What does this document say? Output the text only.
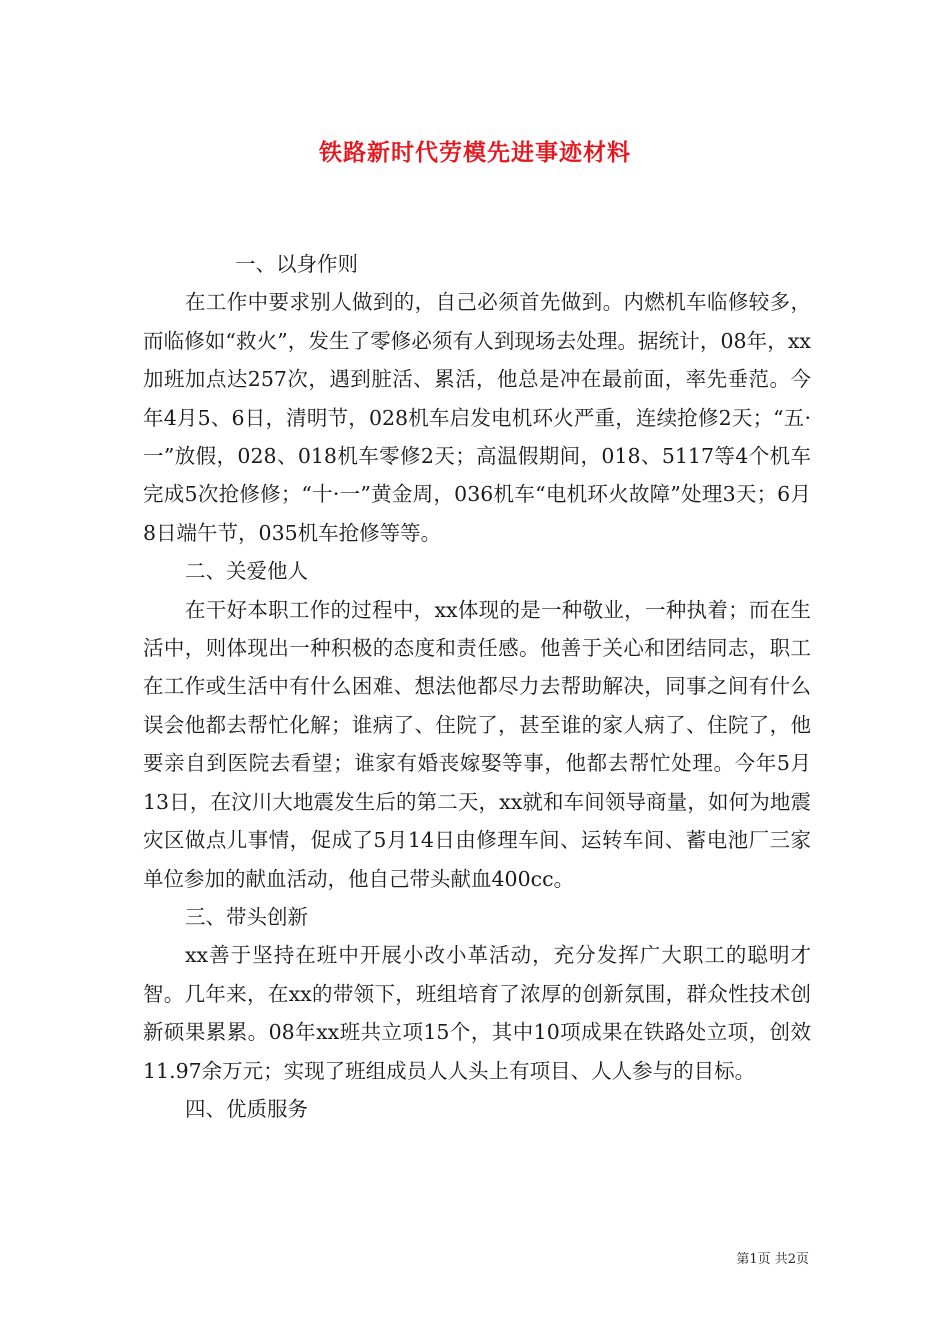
铁路新时代劳模先进事迹材料

一、以身作则

在工作中要求别人做到的，自己必须首先做到。内燃机车临修较多，而临修如“救火”，发生了零修必须有人到现场去处理。据统计，08年，xx加班加点达257次，遇到脏活、累活，他总是冲在最前面，率先垂范。今年4月5、6日，清明节，028机车启发电机环火严重，连续抢修2天；“五·一”放假，028、018机车零修2天；高温假期间，018、5117等4个机车完成5次抢修修；“十·一”黄金周，036机车“电机环火故障”处理3天；6月8日端午节，035机车抢修等等。

二、关爱他人

在干好本职工作的过程中，xx体现的是一种敬业，一种执着；而在生活中，则体现出一种积极的态度和责任感。他善于关心和团结同志，职工在工作或生活中有什么困难、想法他都尽力去帮助解决，同事之间有什么误会他都去帮忙化解；谁病了、住院了，甚至谁的家人病了、住院了，他要亲自到医院去看望；谁家有婚丧嫁娶等事，他都去帮忙处理。今年5月13日，在汶川大地震发生后的第二天，xx就和车间领导商量，如何为地震灾区做点儿事情，促成了5月14日由修理车间、运转车间、蓄电池厂三家单位参加的献血活动，他自己带头献血400cc。

三、带头创新

xx善于坚持在班中开展小改小革活动，充分发挥广大职工的聪明才智。几年来，在xx的带领下，班组培育了浓厚的创新氛围，群众性技术创新硕果累累。08年xx班共立项15个，其中10项成果在铁路处立项，创效11.97余万元；实现了班组成员人人头上有项目、人人参与的目标。

四、优质服务

第1页 共2页
